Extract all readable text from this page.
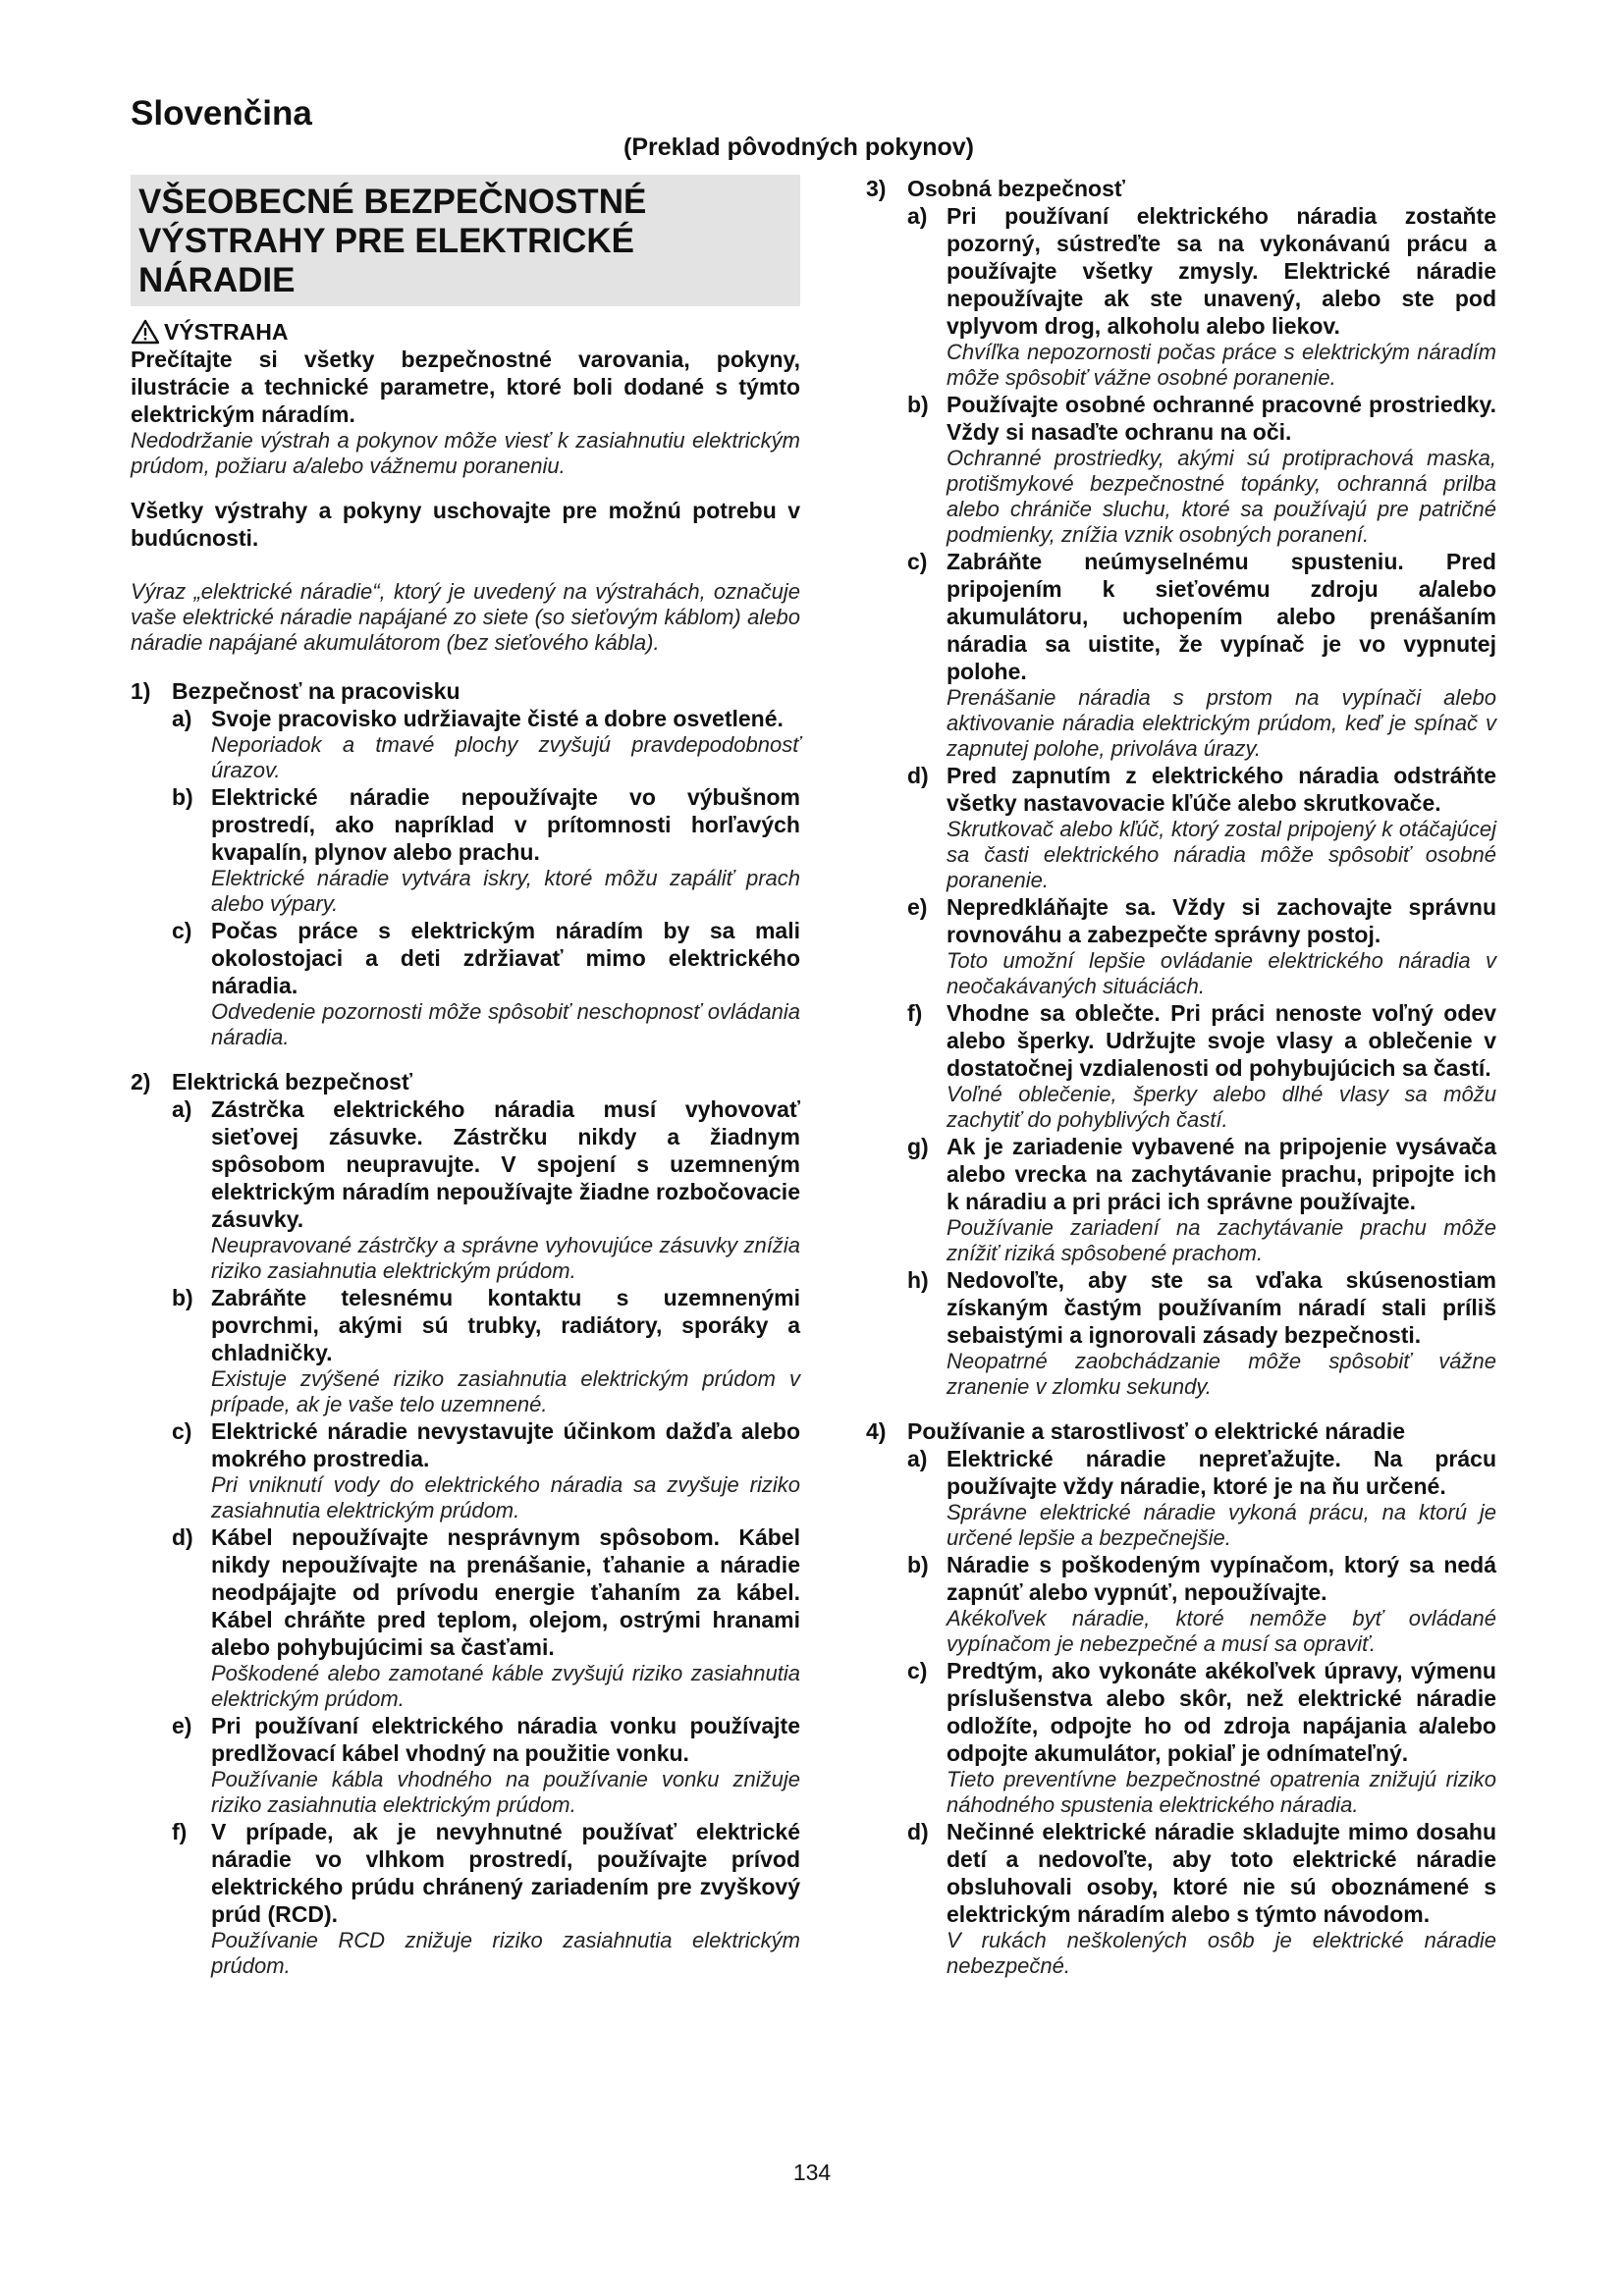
Slovenčina
(Preklad pôvodných pokynov)
VŠEOBECNÉ BEZPEČNOSTNÉ VÝSTRAHY PRE ELEKTRICKÉ NÁRADIE
VÝSTRAHA

Prečítajte si všetky bezpečnostné varovania, pokyny, ilustrácie a technické parametre, ktoré boli dodané s týmto elektrickým náradím.

Nedodržanie výstrah a pokynov môže viesť k zasiahnutiu elektrickým prúdom, požiaru a/alebo vážnemu poraneniu.

Všetky výstrahy a pokyny uschovajte pre možnú potrebu v budúcnosti.

Výraz „elektrické náradie“, ktorý je uvedený na výstrahách, označuje vaše elektrické náradie napájané zo siete (so sieťovým káblom) alebo náradie napájané akumulátorom (bez sieťového kábla).

1) Bezpečnosť na pracovisku
a) Svoje pracovisko udržiavajte čisté a dobre osvetlené.

Neporiadok a tmavé plochy zvyšujú pravdepodobnosť úrazov.

b) Elektrické náradie nepoužívajte vo výbušnom prostredí, ako napríklad v prítomnosti horľavých kvapalín, plynov alebo prachu.

Elektrické náradie vytvára iskry, ktoré môžu zapáliť prach alebo výpary.

c) Počas práce s elektrickým náradím by sa mali okolostojaci a deti zdržiavať mimo elektrického náradia.

Odvedenie pozornosti môže spôsobiť neschopnosť ovládania náradia.

2) Elektrická bezpečnosť
a) Zástrčka elektrického náradia musí vyhovovať sieťovej zásuvke. Zástrčku nikdy a žiadnym spôsobom neupravujte. V spojení s uzemneným elektrickým náradím nepoužívajte žiadne rozbočovacie zásuvky.

Neupravované zástrčky a správne vyhovujúce zásuvky znížia riziko zasiahnutia elektrickým prúdom.

b) Zabráňte telesnému kontaktu s uzemnenými povrchmi, akými sú trubky, radiátory, sporáky a chladničky.

Existuje zvýšené riziko zasiahnutia elektrickým prúdom v prípade, ak je vaše telo uzemnené.

c) Elektrické náradie nevystavujte účinkom dažďa alebo mokrého prostredia.

Pri vniknutí vody do elektrického náradia sa zvyšuje riziko zasiahnutia elektrickým prúdom.

d) Kábel nepoužívajte nesprávnym spôsobom. Kábel nikdy nepoužívajte na prenášanie, ťahanie a náradie neodpájajte od prívodu energie ťahaním za kábel. Kábel chráňte pred teplom, olejom, ostrými hranami alebo pohybujúcimi sa časťami.

Poškodené alebo zamotané káble zvyšujú riziko zasiahnutia elektrickým prúdom.

e) Pri používaní elektrického náradia vonku používajte predlžovací kábel vhodný na použitie vonku.

Používanie kábla vhodného na používanie vonku znižuje riziko zasiahnutia elektrickým prúdom.

f)	V prípade, ak je nevyhnutné používať elektrické náradie vo vlhkom prostredí, používajte prívod elektrického prúdu chránený zariadením pre zvyškový prúd (RCD).

Používanie RCD znižuje riziko zasiahnutia elektrickým prúdom.

3) Osobná bezpečnosť
a) Pri používaní elektrického náradia zostaňte pozorný, sústreďte sa na vykonávanú prácu a používajte všetky zmysly. Elektrické náradie nepoužívajte ak ste unavený, alebo ste pod vplyvom drog, alkoholu alebo liekov.

Chvíľka nepozornosti počas práce s elektrickým náradím môže spôsobiť vážne osobné poranenie.

b) Používajte osobné ochranné pracovné prostriedky. Vždy si nasaďte ochranu na oči.

Ochranné prostriedky, akými sú protiprachová maska, protišmykové bezpečnostné topánky, ochranná prilba alebo chrániče sluchu, ktoré sa používajú pre patričné podmienky, znížia vznik osobných poranení.

c) Zabráňte neúmyselnému spusteniu. Pred pripojením k sieťovému zdroju a/alebo akumulátoru, uchopením alebo prenášaním náradia sa uistite, že vypínač je vo vypnutej polohe.

Prenášanie náradia s prstom na vypínači alebo aktivovanie náradia elektrickým prúdom, keď je spínač v zapnutej polohe, privoláva úrazy.

d) Pred zapnutím z elektrického náradia odstráňte všetky nastavovacie kľúče alebo skrutkovače.

Skrutkovač alebo kľúč, ktorý zostal pripojený k otáčajúcej sa časti elektrického náradia môže spôsobiť osobné poranenie.

e) Nepredkláňajte sa. Vždy si zachovajte správnu rovnováhu a zabezpečte správny postoj.

Toto umožní lepšie ovládanie elektrického náradia v neočakávaných situáciách.

f)	Vhodne sa oblečte. Pri práci nenoste voľný odev alebo šperky. Udržujte svoje vlasy a oblečenie v dostatočnej vzdialenosti od pohybujúcich sa častí.

Voľné oblečenie, šperky alebo dlhé vlasy sa môžu zachytiť do pohyblivých častí.

g) Ak je zariadenie vybavené na pripojenie vysávača alebo vrecka na zachytávanie prachu, pripojte ich k náradiu a pri práci ich správne používajte.

Používanie zariadení na zachytávanie prachu môže znížiť riziká spôsobené prachom.

h) Nedovoľte, aby ste sa vďaka skúsenostiam získaným častým používaním náradí stali príliš sebaistými a ignorovali zásady bezpečnosti.

Neopatrné zaobchádzanie môže spôsobiť vážne zranenie v zlomku sekundy.

4) Používanie a starostlivosť o elektrické náradie
a) Elektrické náradie nepreťažujte. Na prácu používajte vždy náradie, ktoré je na ňu určené.

Správne elektrické náradie vykoná prácu, na ktorú je určené lepšie a bezpečnejšie.

b) Náradie s poškodeným vypínačom, ktorý sa nedá zapnúť alebo vypnúť, nepoužívajte.

Akékoľvek náradie, ktoré nemôže byť ovládané vypínačom je nebezpečné a musí sa opraviť.

c) Predtým, ako vykonáte akékoľvek úpravy, výmenu príslušenstva alebo skôr, než elektrické náradie odložíte, odpojte ho od zdroja napájania a/alebo odpojte akumulátor, pokiaľ je odnímateľný.

Tieto preventívne bezpečnostné opatrenia znižujú riziko náhodného spustenia elektrického náradia.

d) Nečinné elektrické náradie skladujte mimo dosahu detí a nedovoľte, aby toto elektrické náradie obsluhovali osoby, ktoré nie sú oboznámené s elektrickým náradím alebo s týmto návodom.

V rukách neškolených osôb je elektrické náradie nebezpečné.

134
